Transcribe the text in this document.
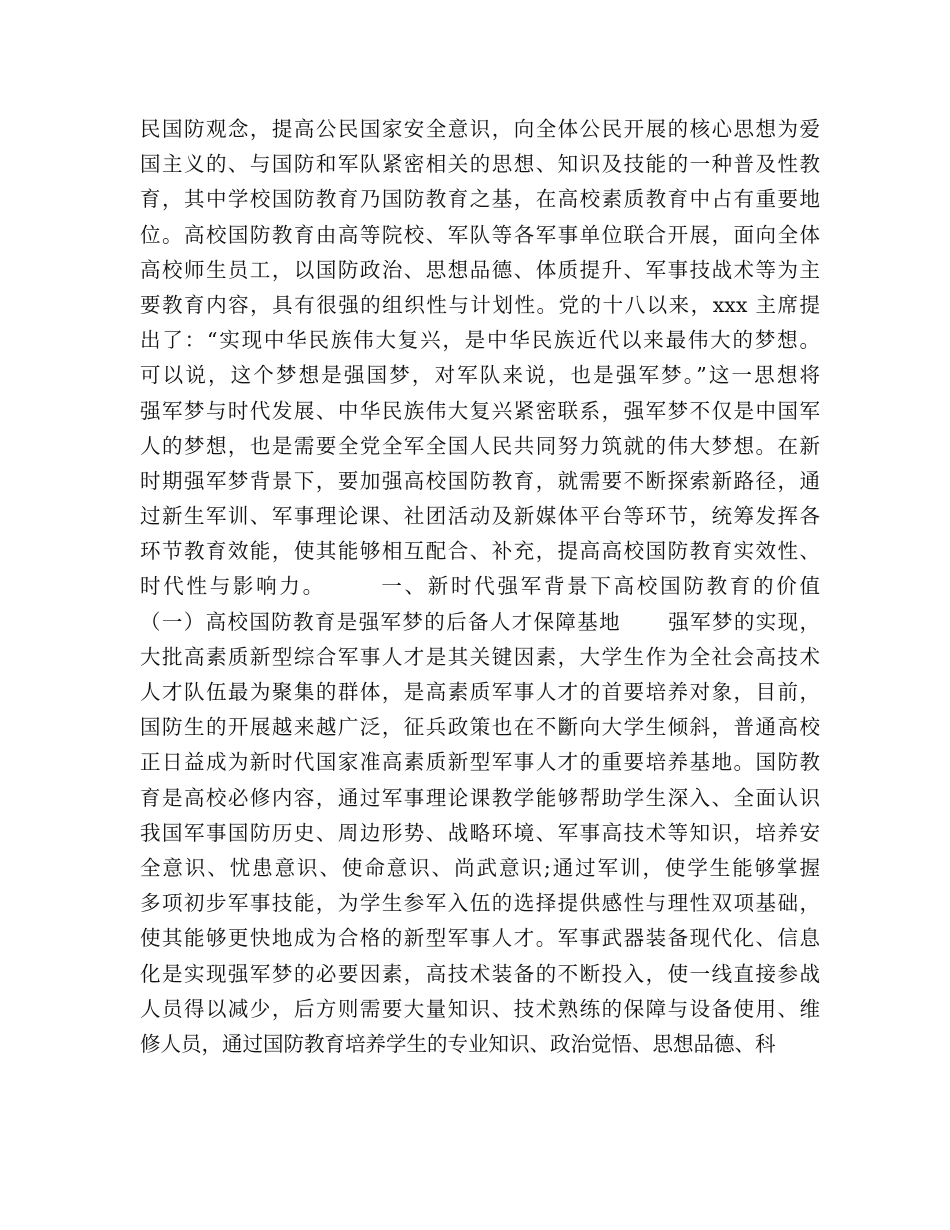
民国防观念，提高公民国家安全意识，向全体公民开展的核心思想为爱
国主义的、与国防和军队紧密相关的思想、知识及技能的一种普及性教
育，其中学校国防教育乃国防教育之基，在高校素质教育中占有重要地
位。高校国防教育由高等院校、军队等各军事单位联合开展，面向全体
高校师生员工，以国防政治、思想品德、体质提升、军事技战术等为主
要教育内容，具有很强的组织性与计划性。党的十八以来，xxx 主席提
出了：“实现中华民族伟大复兴，是中华民族近代以来最伟大的梦想。
可以说，这个梦想是强国梦，对军队来说，也是强军梦。”这一思想将
强军梦与时代发展、中华民族伟大复兴紧密联系，强军梦不仅是中国军
人的梦想，也是需要全党全军全国人民共同努力筑就的伟大梦想。在新
时期强军梦背景下，要加强高校国防教育，就需要不断探索新路径，通
过新生军训、军事理论课、社团活动及新媒体平台等环节，统筹发挥各
环节教育效能，使其能够相互配合、补充，提高高校国防教育实效性、
时代性与影响力。      一、新时代强军背景下高校国防教育的价值
（一）高校国防教育是强军梦的后备人才保障基地      强军梦的实现，
大批高素质新型综合军事人才是其关键因素，大学生作为全社会高技术
人才队伍最为聚集的群体，是高素质军事人才的首要培养对象，目前，
国防生的开展越来越广泛，征兵政策也在不斷向大学生倾斜，普通高校
正日益成为新时代国家准高素质新型军事人才的重要培养基地。国防教
育是高校必修内容，通过军事理论课教学能够帮助学生深入、全面认识
我国军事国防历史、周边形势、战略环境、军事高技术等知识，培养安
全意识、忧患意识、使命意识、尚武意识;通过军训，使学生能够掌握
多项初步军事技能，为学生参军入伍的选择提供感性与理性双项基础，
使其能够更快地成为合格的新型军事人才。军事武器装备现代化、信息
化是实现强军梦的必要因素，高技术装备的不断投入，使一线直接参战
人员得以减少，后方则需要大量知识、技术熟练的保障与设备使用、维
修人员，通过国防教育培养学生的专业知识、政治觉悟、思想品德、科
